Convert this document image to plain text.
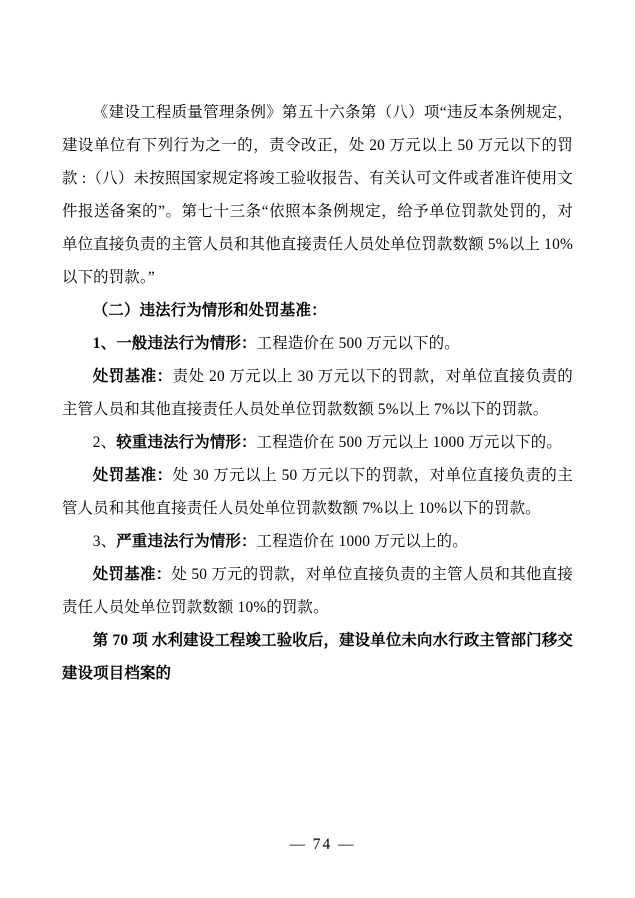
《建设工程质量管理条例》第五十六条第（八）项“违反本条例规定，建设单位有下列行为之一的，责令改正，处 20 万元以上 50 万元以下的罚款 :（八）未按照国家规定将竣工验收报告、有关认可文件或者准许使用文件报送备案的”。第七十三条“依照本条例规定，给予单位罚款处罚的，对单位直接负责的主管人员和其他直接责任人员处单位罚款数额 5%以上 10%以下的罚款。”

（二）违法行为情形和处罚基准：

1、一般违法行为情形：工程造价在 500 万元以下的。

处罚基准：责处 20 万元以上 30 万元以下的罚款，对单位直接负责的主管人员和其他直接责任人员处单位罚款数额 5%以上 7%以下的罚款。

2、较重违法行为情形：工程造价在 500 万元以上 1000 万元以下的。

处罚基准：处 30 万元以上 50 万元以下的罚款，对单位直接负责的主管人员和其他直接责任人员处单位罚款数额 7%以上 10%以下的罚款。

3、严重违法行为情形：工程造价在 1000 万元以上的。

处罚基准：处 50 万元的罚款，对单位直接负责的主管人员和其他直接责任人员处单位罚款数额 10%的罚款。

第 70 项 水利建设工程竣工验收后，建设单位未向水行政主管部门移交建设项目档案的

— 74 —
